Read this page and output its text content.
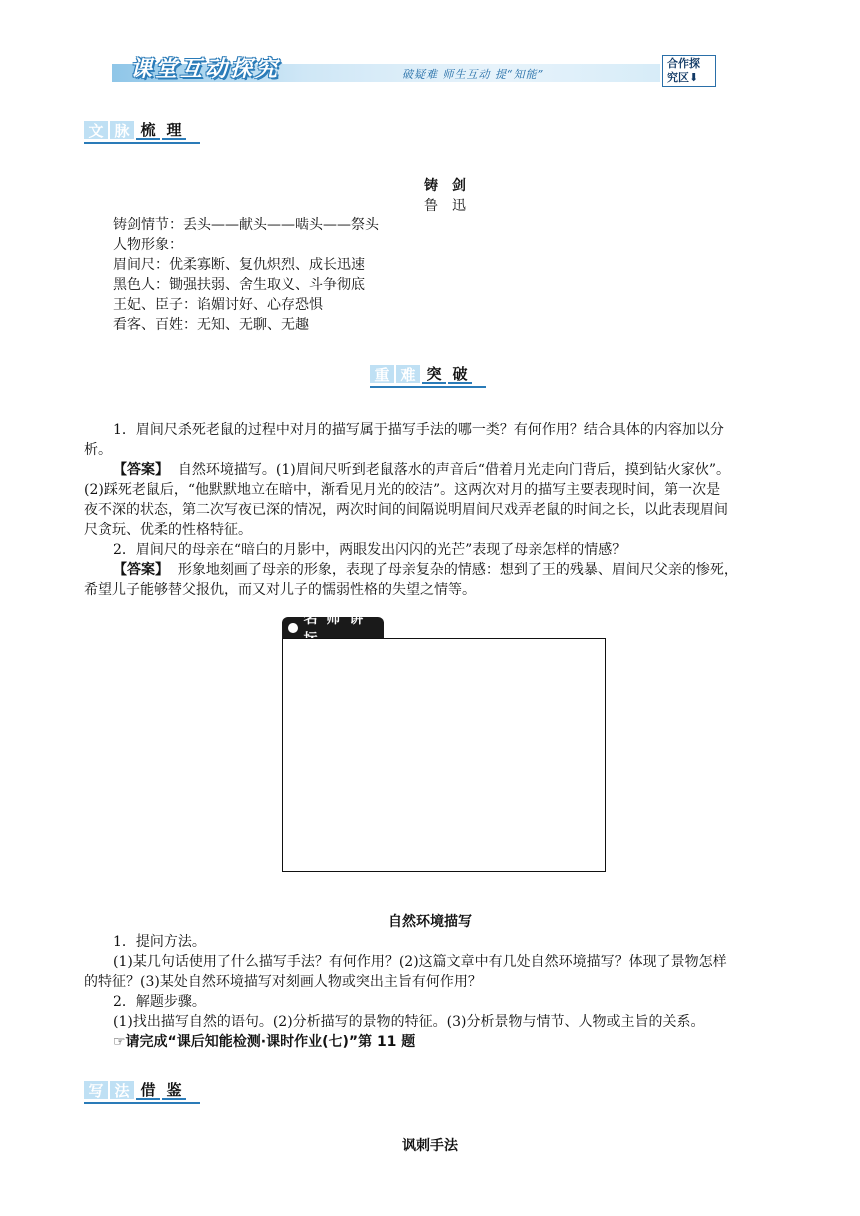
课堂互动探究	破疑难 师生互动 提“知能”
合作探
究区⬇
文 脉 梳 理
铸　剑
鲁　迅
铸剑情节：丢头——献头——啮头——祭头
人物形象：
眉间尺：优柔寡断、复仇炽烈、成长迅速
黑色人：锄强扶弱、舍生取义、斗争彻底
王妃、臣子：谄媚讨好、心存恐惧
看客、百姓：无知、无聊、无趣
重 难 突 破
1．眉间尺杀死老鼠的过程中对月的描写属于描写手法的哪一类？有何作用？结合具体的内容加以分
析。
【答案】 自然环境描写。(1)眉间尺听到老鼠落水的声音后“借着月光走向门背后，摸到钻火家伙”。
(2)踩死老鼠后，“他默默地立在暗中，渐看见月光的皎洁”。这两次对月的描写主要表现时间，第一次是
夜不深的状态，第二次写夜已深的情况，两次时间的间隔说明眉间尺戏弄老鼠的时间之长，以此表现眉间
尺贪玩、优柔的性格特征。
2．眉间尺的母亲在“暗白的月影中，两眼发出闪闪的光芒”表现了母亲怎样的情感？
【答案】 形象地刻画了母亲的形象，表现了母亲复杂的情感：想到了王的残暴、眉间尺父亲的惨死，
希望儿子能够替父报仇，而又对儿子的懦弱性格的失望之情等。
名 师 讲 坛
自然环境描写
1．提问方法。
(1)某几句话使用了什么描写手法？有何作用？(2)这篇文章中有几处自然环境描写？体现了景物怎样
的特征？(3)某处自然环境描写对刻画人物或突出主旨有何作用？
2．解题步骤。
(1)找出描写自然的语句。(2)分析描写的景物的特征。(3)分析景物与情节、人物或主旨的关系。
☞请完成“课后知能检测·课时作业(七)”第 11 题
写 法 借 鉴
讽刺手法
